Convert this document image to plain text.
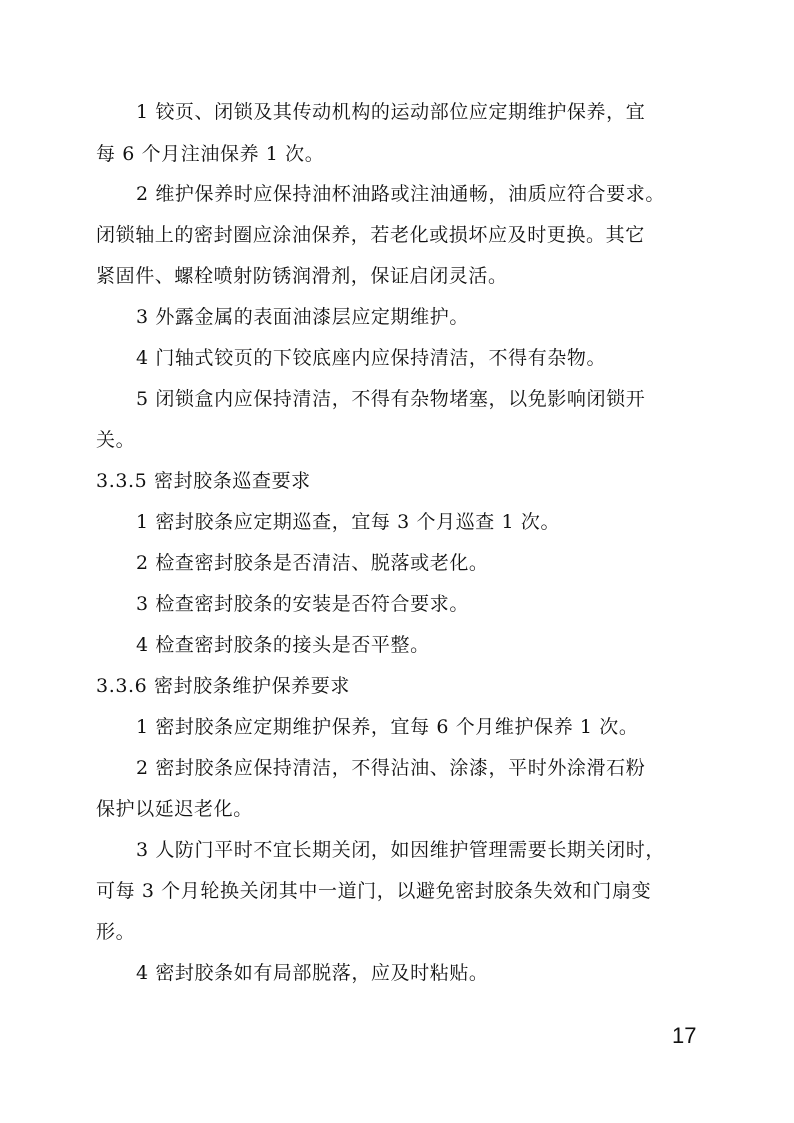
1 铰页、闭锁及其传动机构的运动部位应定期维护保养，宜
每 6 个月注油保养 1 次。
2 维护保养时应保持油杯油路或注油通畅，油质应符合要求。
闭锁轴上的密封圈应涂油保养，若老化或损坏应及时更换。其它
紧固件、螺栓喷射防锈润滑剂，保证启闭灵活。
3 外露金属的表面油漆层应定期维护。
4 门轴式铰页的下铰底座内应保持清洁，不得有杂物。
5 闭锁盒内应保持清洁，不得有杂物堵塞，以免影响闭锁开
关。
3.3.5 密封胶条巡查要求
1 密封胶条应定期巡查，宜每 3 个月巡查 1 次。
2 检查密封胶条是否清洁、脱落或老化。
3 检查密封胶条的安装是否符合要求。
4 检查密封胶条的接头是否平整。
3.3.6 密封胶条维护保养要求
1 密封胶条应定期维护保养，宜每 6 个月维护保养 1 次。
2 密封胶条应保持清洁，不得沾油、涂漆，平时外涂滑石粉
保护以延迟老化。
3 人防门平时不宜长期关闭，如因维护管理需要长期关闭时，
可每 3 个月轮换关闭其中一道门，以避免密封胶条失效和门扇变
形。
4 密封胶条如有局部脱落，应及时粘贴。
17
